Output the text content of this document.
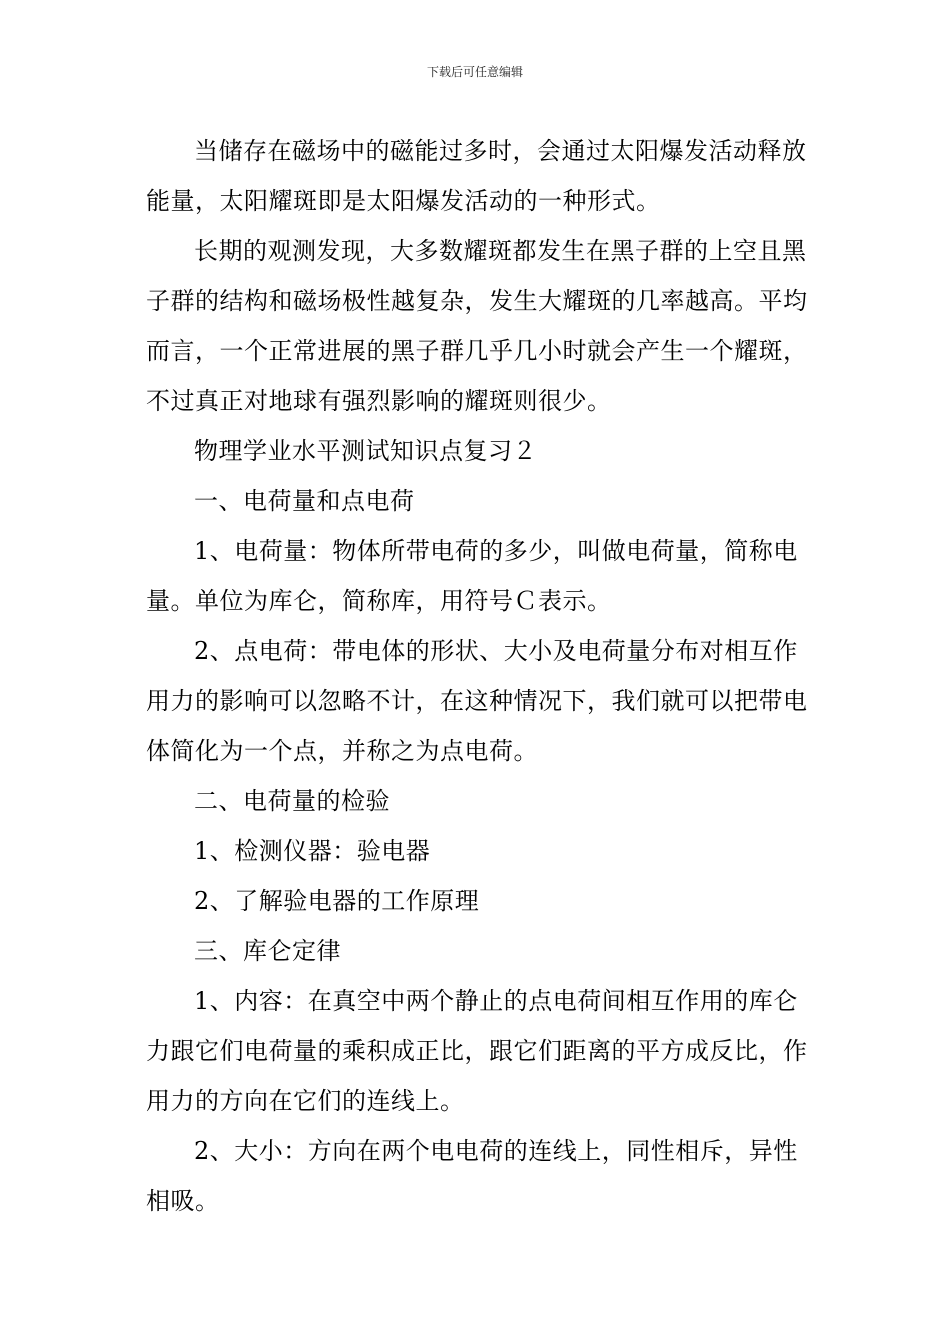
下载后可任意编辑

当储存在磁场中的磁能过多时，会通过太阳爆发活动释放能量，太阳耀斑即是太阳爆发活动的一种形式。

长期的观测发现，大多数耀斑都发生在黑子群的上空且黑子群的结构和磁场极性越复杂，发生大耀斑的几率越高。平均而言，一个正常进展的黑子群几乎几小时就会产生一个耀斑，不过真正对地球有强烈影响的耀斑则很少。

物理学业水平测试知识点复习２

一、电荷量和点电荷

1、电荷量：物体所带电荷的多少，叫做电荷量，简称电量。单位为库仑，简称库，用符号Ｃ表示。

2、点电荷：带电体的形状、大小及电荷量分布对相互作用力的影响可以忽略不计，在这种情况下，我们就可以把带电体简化为一个点，并称之为点电荷。

二、电荷量的检验

1、检测仪器：验电器

2、了解验电器的工作原理

三、库仑定律

1、内容：在真空中两个静止的点电荷间相互作用的库仑力跟它们电荷量的乘积成正比，跟它们距离的平方成反比，作用力的方向在它们的连线上。

2、大小：方向在两个电电荷的连线上，同性相斥，异性相吸。
